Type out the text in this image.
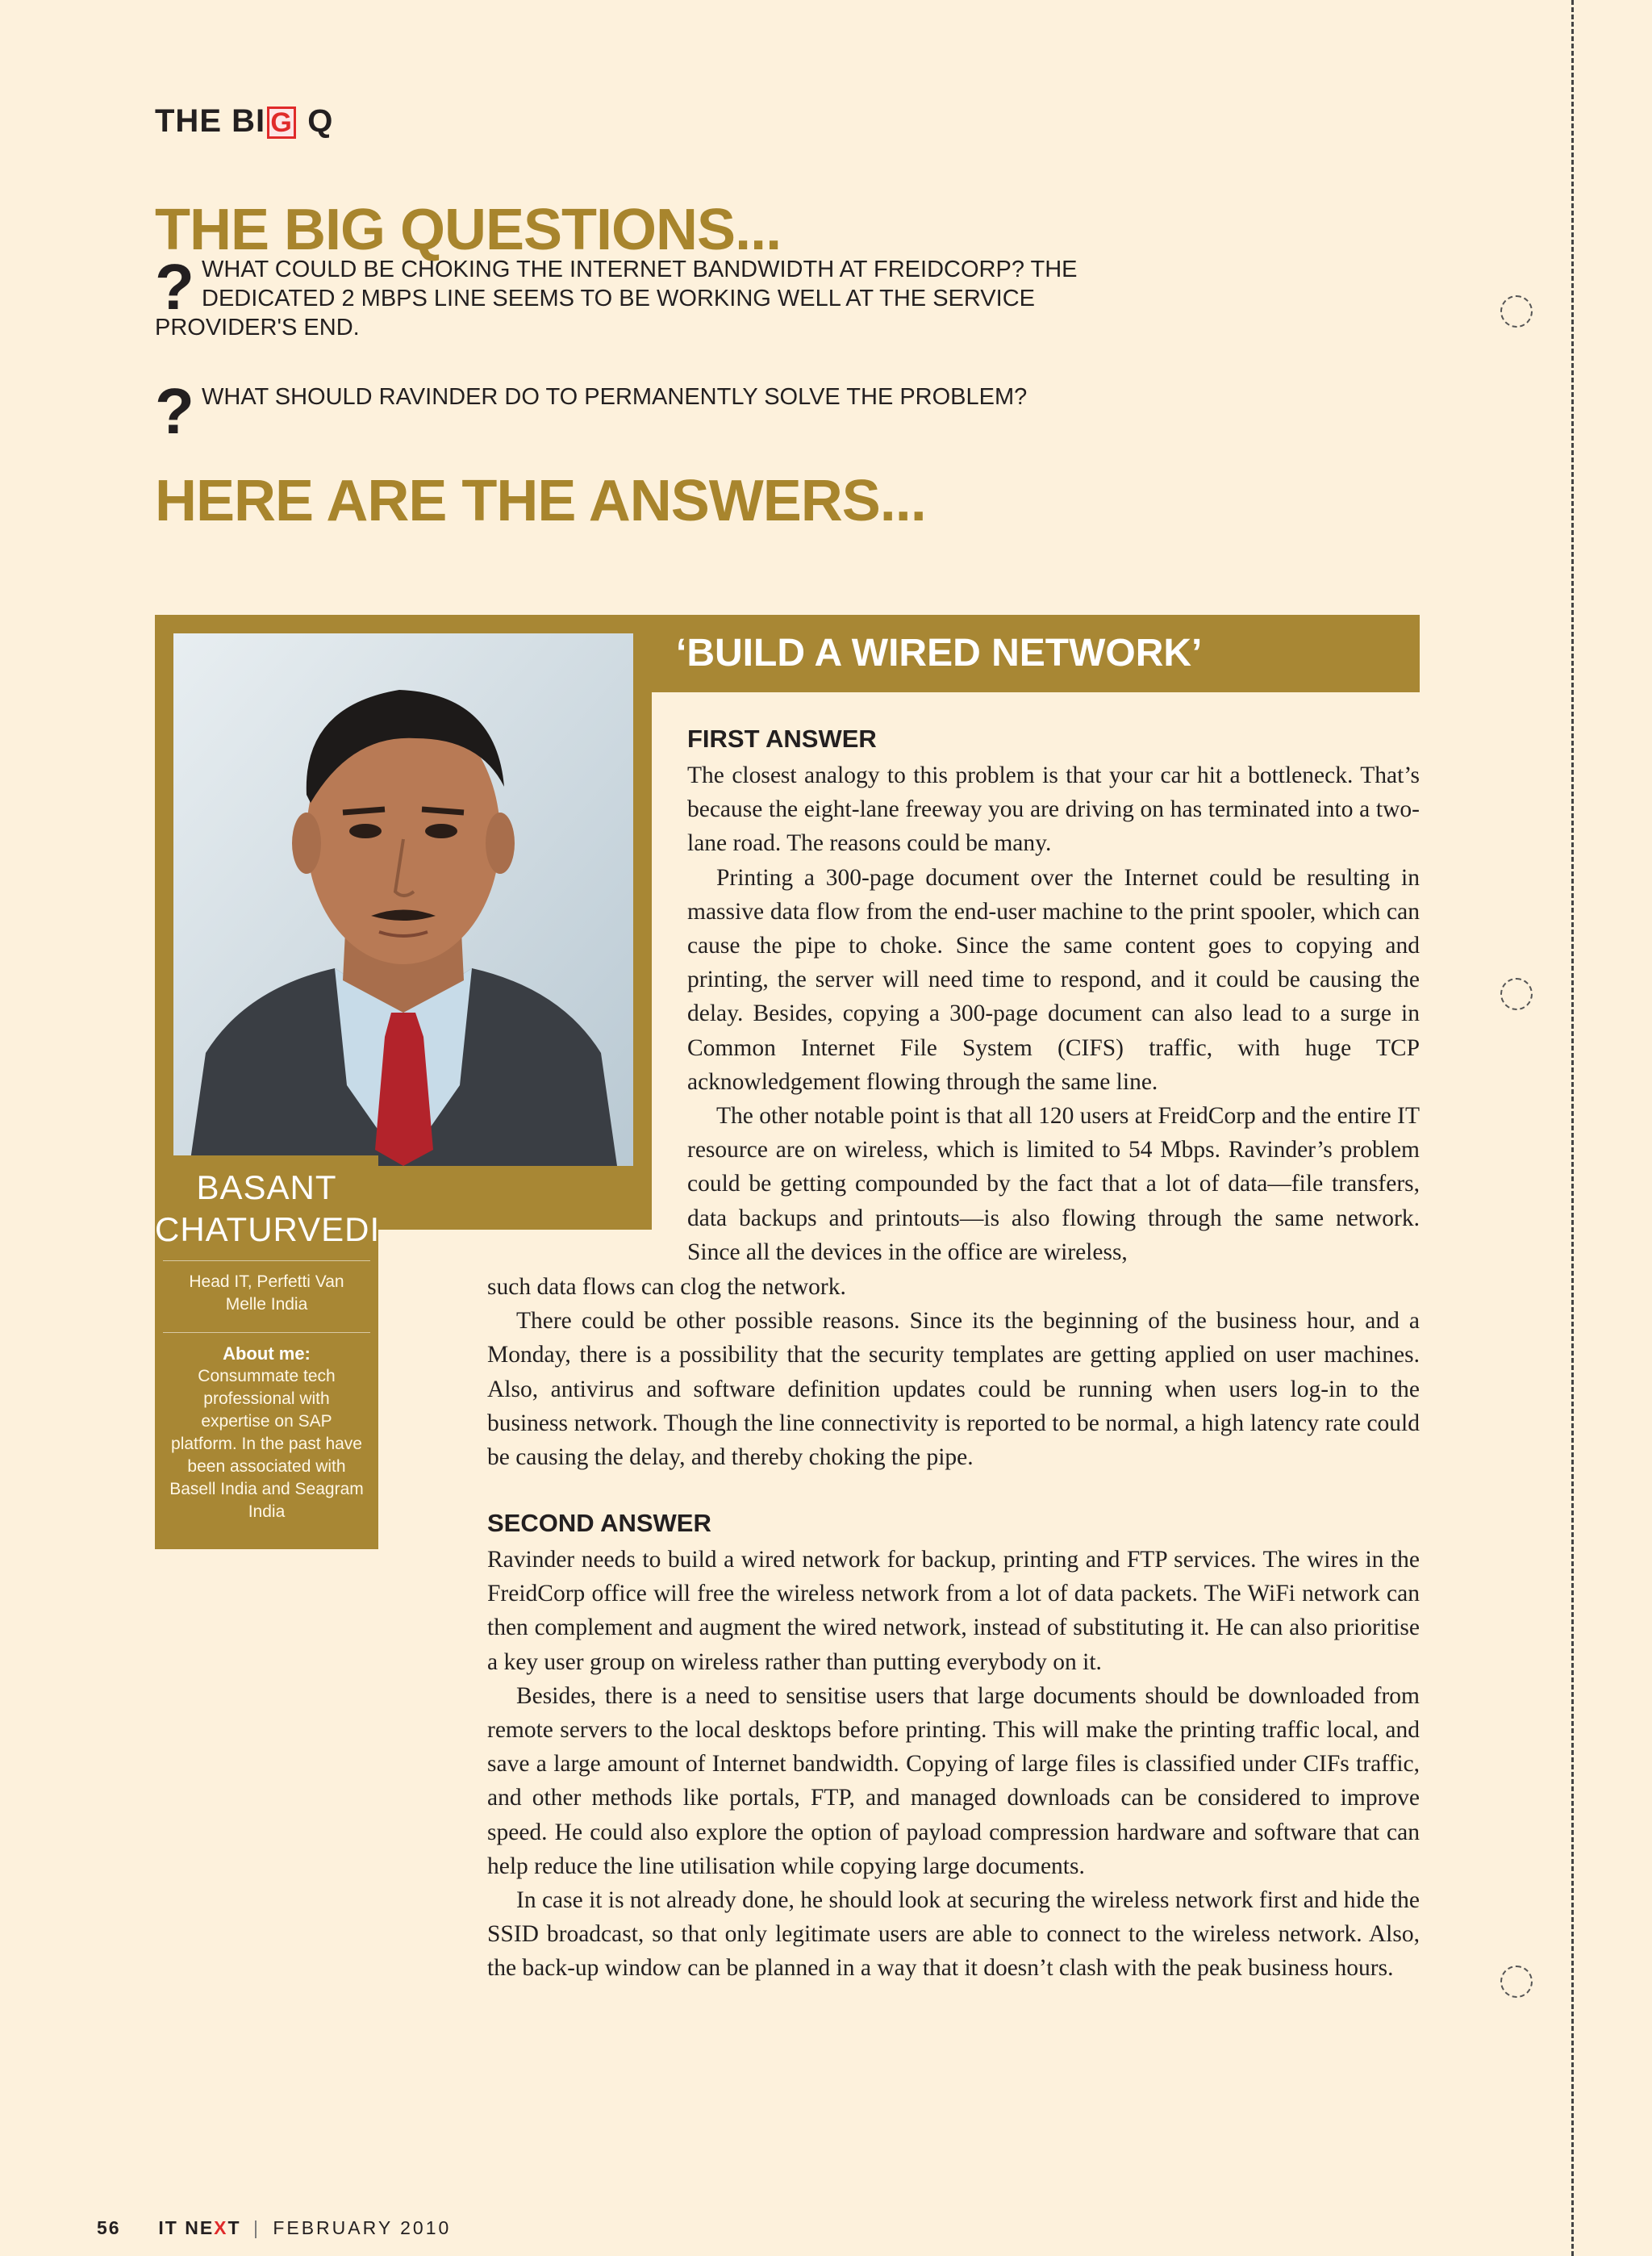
THE BI G Q
THE BIG QUESTIONS...
? WHAT COULD BE CHOKING THE INTERNET BANDWIDTH AT FREIDCORP? THE
DEDICATED 2 MBPS LINE SEEMS TO BE WORKING WELL AT THE SERVICE
PROVIDER'S END.
? WHAT SHOULD RAVINDER DO TO PERMANENTLY SOLVE THE PROBLEM?
HERE ARE THE ANSWERS...
‘BUILD A WIRED NETWORK’
BASANT
CHATURVEDI
Head IT, Perfetti Van Melle India
About me:
Consummate tech professional with expertise on SAP platform. In the past have been associated with Basell India and Seagram India
FIRST ANSWER

The closest analogy to this problem is that your car hit a bottleneck. That’s because the eight-lane freeway you are driving on has terminated into a two-lane road. The reasons could be many.

Printing a 300-page document over the Internet could be resulting in massive data flow from the end-user machine to the print spooler, which can cause the pipe to choke. Since the same content goes to copying and printing, the server will need time to respond, and it could be causing the delay. Besides, copying a 300-page document can also lead to a surge in Common Internet File System (CIFS) traffic, with huge TCP acknowledgement flowing through the same line.

The other notable point is that all 120 users at FreidCorp and the entire IT resource are on wireless, which is limited to 54 Mbps. Ravinder’s problem could be getting compounded by the fact that a lot of data—file transfers, data backups and printouts—is also flowing through the same network. Since all the devices in the office are wireless,

such data flows can clog the network.

There could be other possible reasons. Since its the beginning of the business hour, and a Monday, there is a possibility that the security templates are getting applied on user machines. Also, antivirus and software definition updates could be running when users log-in to the business network. Though the line connectivity is reported to be normal, a high latency rate could be causing the delay, and thereby choking the pipe.

SECOND ANSWER

Ravinder needs to build a wired network for backup, printing and FTP services. The wires in the FreidCorp office will free the wireless network from a lot of data packets. The WiFi network can then complement and augment the wired network, instead of substituting it. He can also prioritise a key user group on wireless rather than putting everybody on it.

Besides, there is a need to sensitise users that large documents should be downloaded from remote servers to the local desktops before printing. This will make the printing traffic local, and save a large amount of Internet bandwidth. Copying of large files is classified under CIFs traffic, and other methods like portals, FTP, and managed downloads can be considered to improve speed. He could also explore the option of payload compression hardware and software that can help reduce the line utilisation while copying large documents.

In case it is not already done, he should look at securing the wireless network first and hide the SSID broadcast, so that only legitimate users are able to connect to the wireless network. Also, the back-up window can be planned in a way that it doesn’t clash with the peak business hours.

56 IT NEXT | FEBRUARY 2010
